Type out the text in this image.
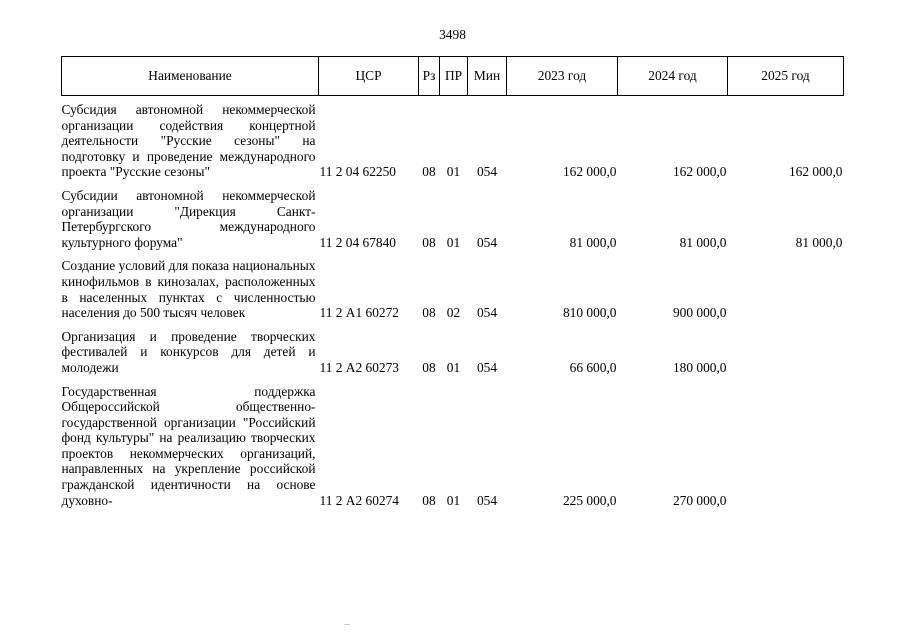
3498
Наименование	ЦСР	Рз	ПР	Мин	2023 год	2024 год	2025 год
Субсидия автономной некоммерческой организации содействия концертной деятельности "Русские сезоны" на подготовку и проведение международного проекта "Русские сезоны"	11 2 04 62250	08	01	054	162 000,0	162 000,0	162 000,0
Субсидии автономной некоммерческой организации "Дирекция Санкт-Петербургского международного культурного форума"	11 2 04 67840	08	01	054	81 000,0	81 000,0	81 000,0
Создание условий для показа национальных кинофильмов в кинозалах, расположенных в населенных пунктах с численностью населения до 500 тысяч человек	11 2 А1 60272	08	02	054	810 000,0	900 000,0	
Организация и проведение творческих фестивалей и конкурсов для детей и молодежи	11 2 А2 60273	08	01	054	66 600,0	180 000,0	
Государственная поддержка Общероссийской общественно-государственной организации "Российский фонд культуры" на реализацию творческих проектов некоммерческих организаций, направленных на укрепление российской гражданской идентичности на основе духовно-	11 2 А2 60274	08	01	054	225 000,0	270 000,0	
